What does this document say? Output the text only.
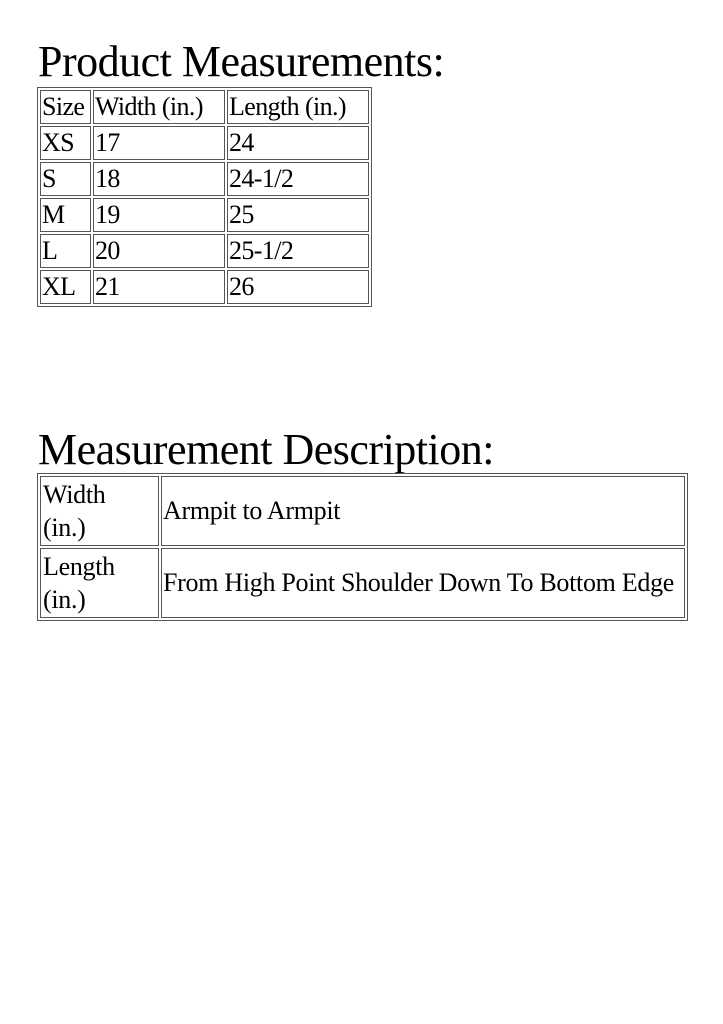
Product Measurements:
Size	Width (in.)	Length (in.)
XS	17	24
S	18	24-1/2
M	19	25
L	20	25-1/2
XL	21	26
Measurement Description:
Width
(in.)	Armpit to Armpit

Length
(in.)	From High Point Shoulder Down To Bottom Edge
